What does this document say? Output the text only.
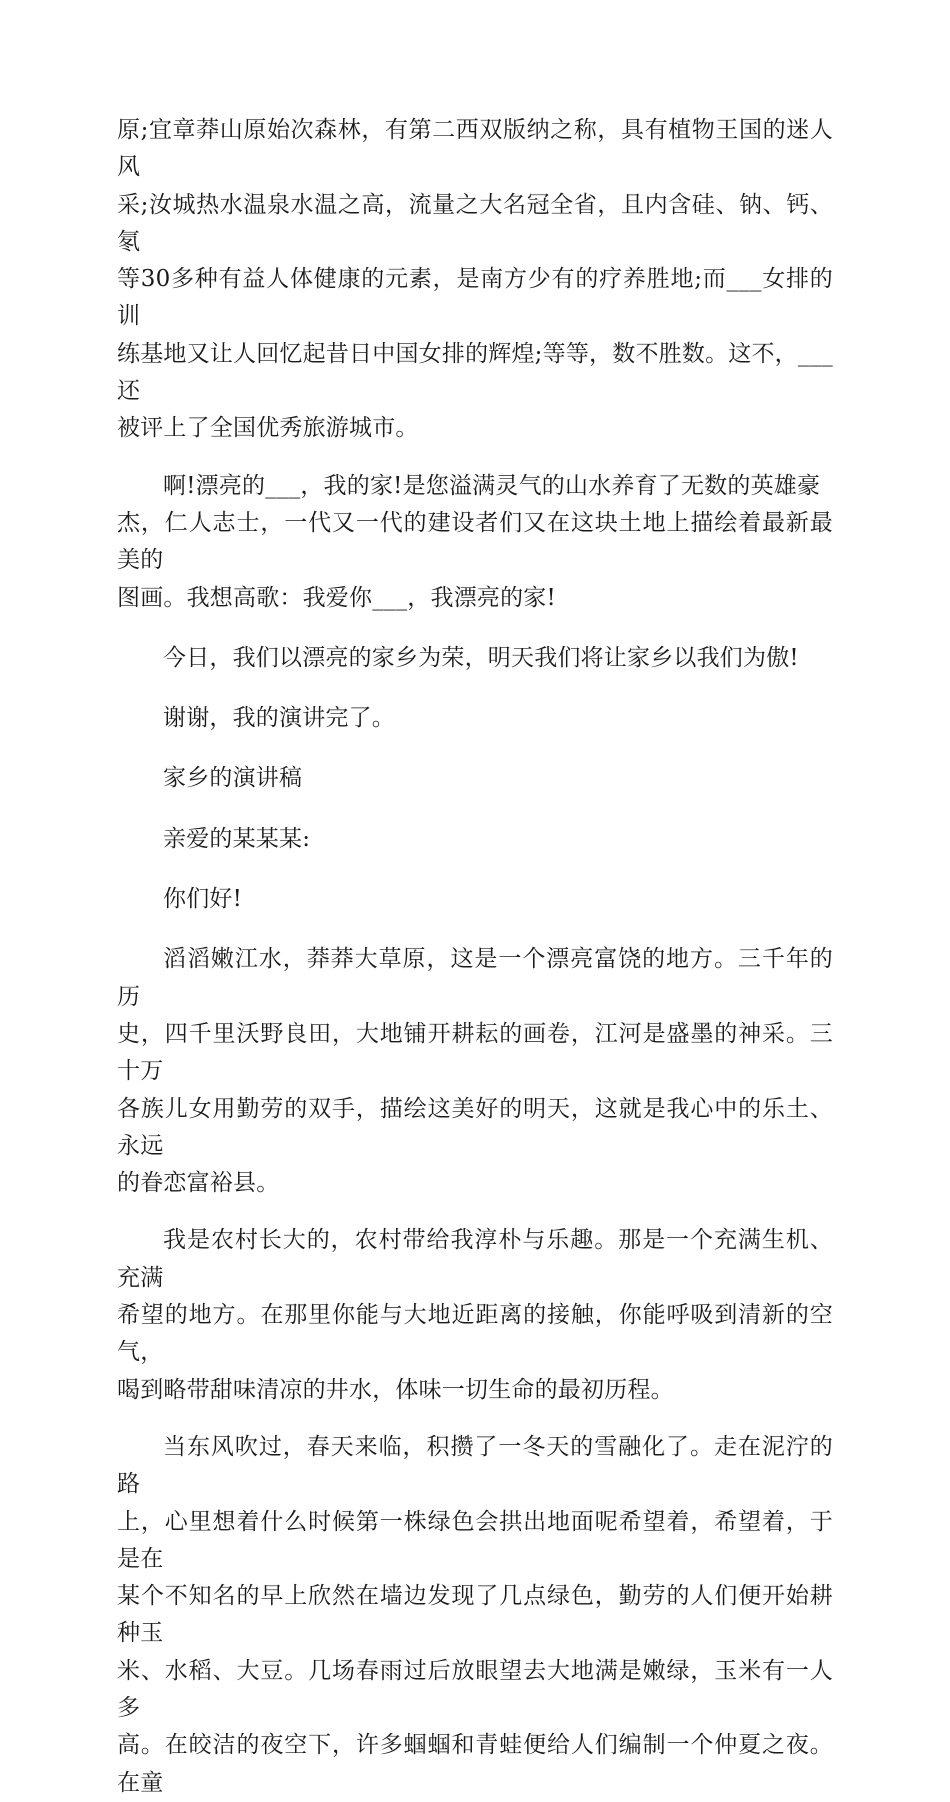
原;宜章莽山原始次森林，有第二西双版纳之称，具有植物王国的迷人风
采;汝城热水温泉水温之高，流量之大名冠全省，且内含硅、钠、钙、氡
等30多种有益人体健康的元素，是南方少有的疗养胜地;而___女排的训
练基地又让人回忆起昔日中国女排的辉煌;等等，数不胜数。这不，___还
被评上了全国优秀旅游城市。
啊!漂亮的___，我的家!是您溢满灵气的山水养育了无数的英雄豪
杰，仁人志士，一代又一代的建设者们又在这块土地上描绘着最新最美的
图画。我想高歌：我爱你___，我漂亮的家!
今日，我们以漂亮的家乡为荣，明天我们将让家乡以我们为傲!
谢谢，我的演讲完了。
家乡的演讲稿
亲爱的某某某:
你们好!
滔滔嫩江水，莽莽大草原，这是一个漂亮富饶的地方。三千年的历
史，四千里沃野良田，大地铺开耕耘的画卷，江河是盛墨的神采。三十万
各族儿女用勤劳的双手，描绘这美好的明天，这就是我心中的乐土、永远
的眷恋富裕县。
我是农村长大的，农村带给我淳朴与乐趣。那是一个充满生机、充满
希望的地方。在那里你能与大地近距离的接触，你能呼吸到清新的空气，
喝到略带甜味清凉的井水，体味一切生命的最初历程。
当东风吹过，春天来临，积攒了一冬天的雪融化了。走在泥泞的路
上，心里想着什么时候第一株绿色会拱出地面呢希望着，希望着，于是在
某个不知名的早上欣然在墙边发现了几点绿色，勤劳的人们便开始耕种玉
米、水稻、大豆。几场春雨过后放眼望去大地满是嫩绿，玉米有一人多
高。在皎洁的夜空下，许多蝈蝈和青蛙便给人们编制一个仲夏之夜。在童
